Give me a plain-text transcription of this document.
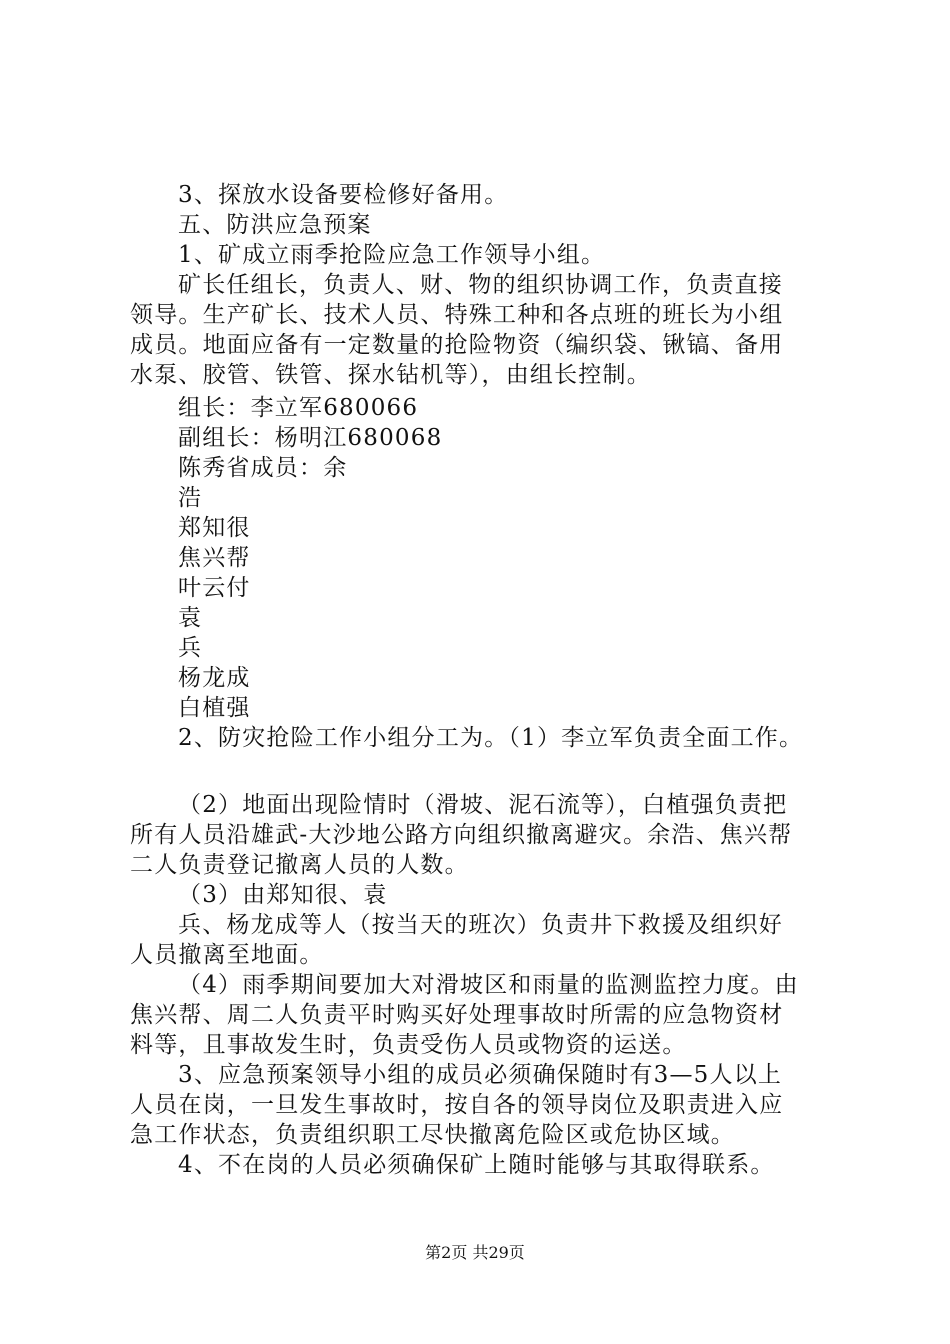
3、探放水设备要检修好备用。
五、防洪应急预案
1、矿成立雨季抢险应急工作领导小组。
矿长任组长，负责人、财、物的组织协调工作，负责直接
领导。生产矿长、技术人员、特殊工种和各点班的班长为小组
成员。地面应备有一定数量的抢险物资（编织袋、锹镐、备用
水泵、胶管、铁管、探水钻机等），由组长控制。
组长：李立军680066
副组长：杨明江680068
陈秀省成员：余
浩
郑知很
焦兴帮
叶云付
袁
兵
杨龙成
白植强
2、防灾抢险工作小组分工为。（1）李立军负责全面工作。
（2）地面出现险情时（滑坡、泥石流等），白植强负责把
所有人员沿雄武-大沙地公路方向组织撤离避灾。余浩、焦兴帮
二人负责登记撤离人员的人数。
（3）由郑知很、袁
兵、杨龙成等人（按当天的班次）负责井下救援及组织好
人员撤离至地面。
（4）雨季期间要加大对滑坡区和雨量的监测监控力度。由
焦兴帮、周二人负责平时购买好处理事故时所需的应急物资材
料等，且事故发生时，负责受伤人员或物资的运送。
3、应急预案领导小组的成员必须确保随时有3—5人以上
人员在岗，一旦发生事故时，按自各的领导岗位及职责进入应
急工作状态，负责组织职工尽快撤离危险区或危协区域。
4、不在岗的人员必须确保矿上随时能够与其取得联系。
第2页 共29页
